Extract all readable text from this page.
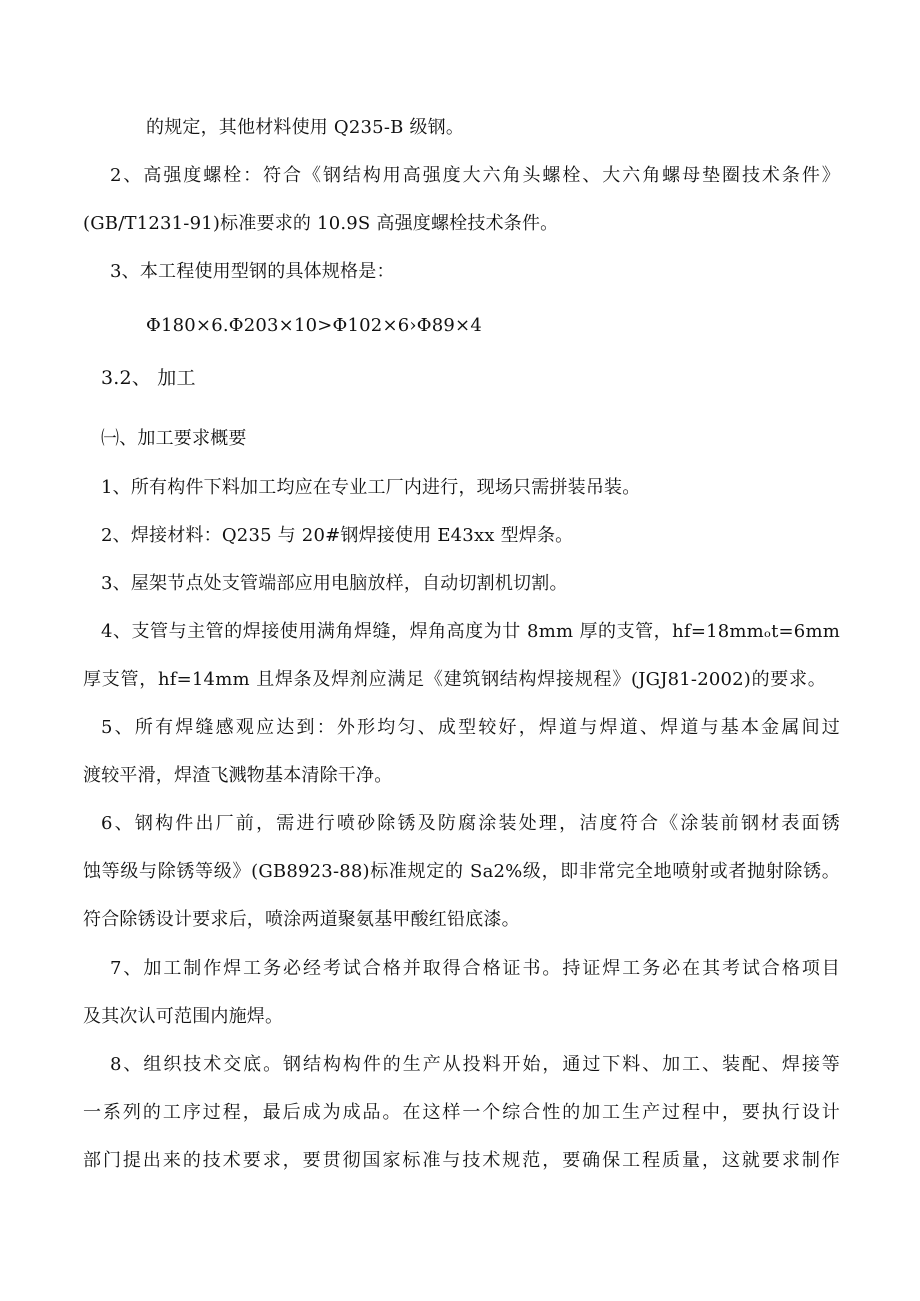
的规定，其他材料使用 Q235-B 级钢。
2、高强度螺栓：符合《钢结构用高强度大六角头螺栓、大六角螺母垫圈技术条件》
(GB/T1231-91)标准要求的 10.9S 高强度螺栓技术条件。
3、本工程使用型钢的具体规格是：
Φ180×6.Φ203×10>Φ102×6›Φ89×4
3.2、 加工
㈠、加工要求概要
1、所有构件下料加工均应在专业工厂内进行，现场只需拼装吊装。
2、焊接材料：Q235 与 20#钢焊接使用 E43xx 型焊条。
3、屋架节点处支管端部应用电脑放样，自动切割机切割。
4、支管与主管的焊接使用满角焊缝，焊角高度为廿 8mm 厚的支管，hf=18mmₒt=6mm
厚支管，hf=14mm 且焊条及焊剂应满足《建筑钢结构焊接规程》(JGJ81-2002)的要求。
5、所有焊缝感观应达到：外形均匀、成型较好，焊道与焊道、焊道与基本金属间过
渡较平滑，焊渣飞溅物基本清除干净。
6、钢构件出厂前，需进行喷砂除锈及防腐涂装处理，洁度符合《涂装前钢材表面锈
蚀等级与除锈等级》(GB8923-88)标准规定的 Sa2%级，即非常完全地喷射或者抛射除锈。
符合除锈设计要求后，喷涂两道聚氨基甲酸红铅底漆。
7、加工制作焊工务必经考试合格并取得合格证书。持证焊工务必在其考试合格项目
及其次认可范围内施焊。
8、组织技术交底。钢结构构件的生产从投料开始，通过下料、加工、装配、焊接等
一系列的工序过程，最后成为成品。在这样一个综合性的加工生产过程中，要执行设计
部门提出来的技术要求，要贯彻国家标准与技术规范，要确保工程质量，这就要求制作
